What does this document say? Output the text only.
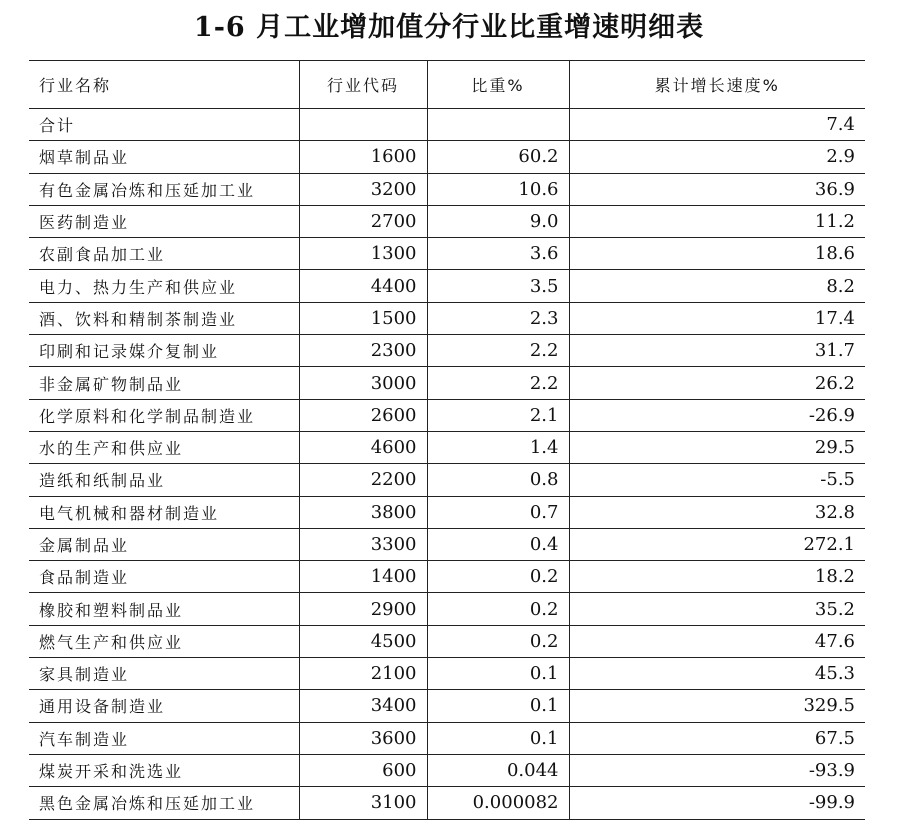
1-6 月工业增加值分行业比重增速明细表
行业名称	行业代码	比重%	累计增长速度%
合计			7.4
烟草制品业	1600	60.2	2.9
有色金属冶炼和压延加工业	3200	10.6	36.9
医药制造业	2700	9.0	11.2
农副食品加工业	1300	3.6	18.6
电力、热力生产和供应业	4400	3.5	8.2
酒、饮料和精制茶制造业	1500	2.3	17.4
印刷和记录媒介复制业	2300	2.2	31.7
非金属矿物制品业	3000	2.2	26.2
化学原料和化学制品制造业	2600	2.1	-26.9
水的生产和供应业	4600	1.4	29.5
造纸和纸制品业	2200	0.8	-5.5
电气机械和器材制造业	3800	0.7	32.8
金属制品业	3300	0.4	272.1
食品制造业	1400	0.2	18.2
橡胶和塑料制品业	2900	0.2	35.2
燃气生产和供应业	4500	0.2	47.6
家具制造业	2100	0.1	45.3
通用设备制造业	3400	0.1	329.5
汽车制造业	3600	0.1	67.5
煤炭开采和洗选业	600	0.044	-93.9
黑色金属冶炼和压延加工业	3100	0.000082	-99.9
